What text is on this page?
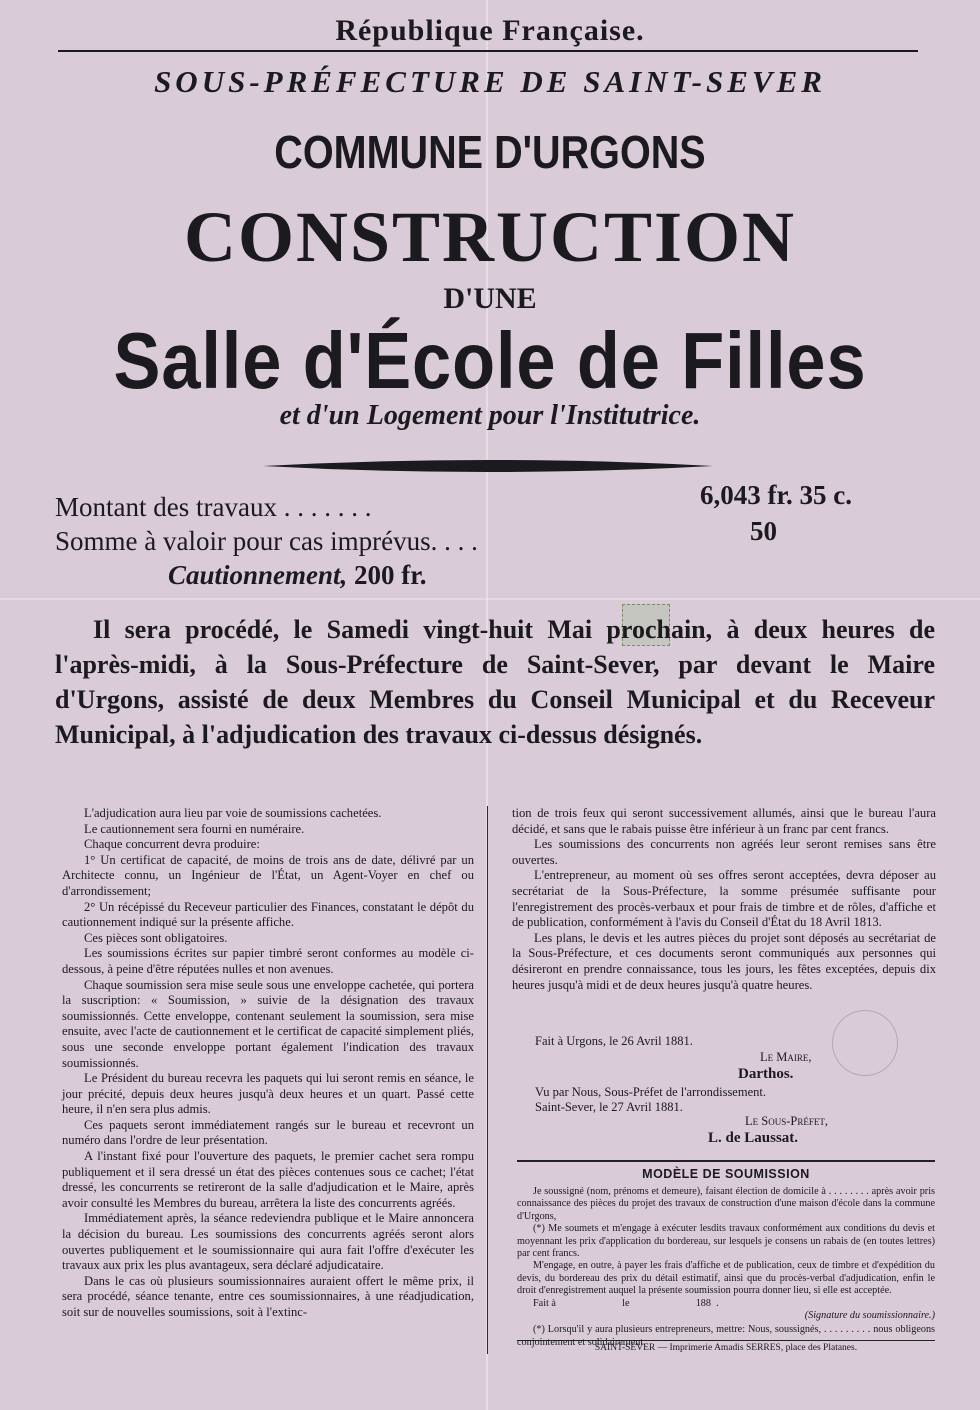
République Française.
SOUS-PRÉFECTURE DE SAINT-SEVER
COMMUNE D'URGONS
CONSTRUCTION
D'UNE
Salle d'École de Filles
et d'un Logement pour l'Institutrice.
Montant des travaux . . . . . . .	6,043 fr. 35 c.
Somme à valoir pour cas imprévus. . . .	50
Cautionnement, 200 fr.

Il sera procédé, le Samedi vingt-huit Mai prochain, à deux heures de l'après-midi, à la Sous-Préfecture de Saint-Sever, par devant le Maire d'Urgons, assisté de deux Membres du Conseil Municipal et du Receveur Municipal, à l'adjudication des travaux ci-dessus désignés.

L'adjudication aura lieu par voie de soumissions cachetées.

Le cautionnement sera fourni en numéraire.

Chaque concurrent devra produire:

1° Un certificat de capacité, de moins de trois ans de date, délivré par un Architecte connu, un Ingénieur de l'État, un Agent-Voyer en chef ou d'arrondissement;

2° Un récépissé du Receveur particulier des Finances, constatant le dépôt du cautionnement indiqué sur la présente affiche.

Ces pièces sont obligatoires.

Les soumissions écrites sur papier timbré seront conformes au modèle ci-dessous, à peine d'être réputées nulles et non avenues.

Chaque soumission sera mise seule sous une enveloppe cachetée, qui portera la suscription: « Soumission, » suivie de la désignation des travaux soumissionnés. Cette enveloppe, contenant seulement la soumission, sera mise ensuite, avec l'acte de cautionnement et le certificat de capacité simplement pliés, sous une seconde enveloppe portant également l'indication des travaux soumissionnés.

Le Président du bureau recevra les paquets qui lui seront remis en séance, le jour précité, depuis deux heures jusqu'à deux heures et un quart. Passé cette heure, il n'en sera plus admis.

Ces paquets seront immédiatement rangés sur le bureau et recevront un numéro dans l'ordre de leur présentation.

A l'instant fixé pour l'ouverture des paquets, le premier cachet sera rompu publiquement et il sera dressé un état des pièces contenues sous ce cachet; l'état dressé, les concurrents se retireront de la salle d'adjudication et le Maire, après avoir consulté les Membres du bureau, arrêtera la liste des concurrents agréés.

Immédiatement après, la séance redeviendra publique et le Maire annoncera la décision du bureau. Les soumissions des concurrents agréés seront alors ouvertes publiquement et le soumissionnaire qui aura fait l'offre d'exécuter les travaux aux prix les plus avantageux, sera déclaré adjudicataire.

Dans le cas où plusieurs soumissionnaires auraient offert le même prix, il sera procédé, séance tenante, entre ces soumissionnaires, à une réadjudication, soit sur de nouvelles soumissions, soit à l'extinc-

tion de trois feux qui seront successivement allumés, ainsi que le bureau l'aura décidé, et sans que le rabais puisse être inférieur à un franc par cent francs.

Les soumissions des concurrents non agréés leur seront remises sans être ouvertes.

L'entrepreneur, au moment où ses offres seront acceptées, devra déposer au secrétariat de la Sous-Préfecture, la somme présumée suffisante pour l'enregistrement des procès-verbaux et pour frais de timbre et de rôles, d'affiche et de publication, conformément à l'avis du Conseil d'État du 18 Avril 1813.

Les plans, le devis et les autres pièces du projet sont déposés au secrétariat de la Sous-Préfecture, et ces documents seront communiqués aux personnes qui désireront en prendre connaissance, tous les jours, les fêtes exceptées, depuis dix heures jusqu'à midi et de deux heures jusqu'à quatre heures.

Fait à Urgons, le 26 Avril 1881.
Le Maire,
Darthos.
Vu par Nous, Sous-Préfet de l'arrondissement.
Saint-Sever, le 27 Avril 1881.
Le Sous-Préfet,
L. de Laussat.
MODÈLE DE SOUMISSION

Je soussigné (nom, prénoms et demeure), faisant élection de domicile à . . . . . . . . après avoir pris connaissance des pièces du projet des travaux de construction d'une maison d'école dans la commune d'Urgons,

(*) Me soumets et m'engage à exécuter lesdits travaux conformément aux conditions du devis et moyennant les prix d'application du bordereau, sur lesquels je consens un rabais de (en toutes lettres) par cent francs.

M'engage, en outre, à payer les frais d'affiche et de publication, ceux de timbre et d'expédition du devis, du bordereau des prix du détail estimatif, ainsi que du procès-verbal d'adjudication, enfin le droit d'enregistrement auquel la présente soumission pourra donner lieu, si elle est acceptée.

Fait à                          le                          188  .

(Signature du soumissionnaire.)

(*) Lorsqu'il y aura plusieurs entrepreneurs, mettre: Nous, soussignés, . . . . . . . . . nous obligeons conjointement et solidairement.

SAINT-SEVER — Imprimerie Amadis SERRES, place des Platanes.
